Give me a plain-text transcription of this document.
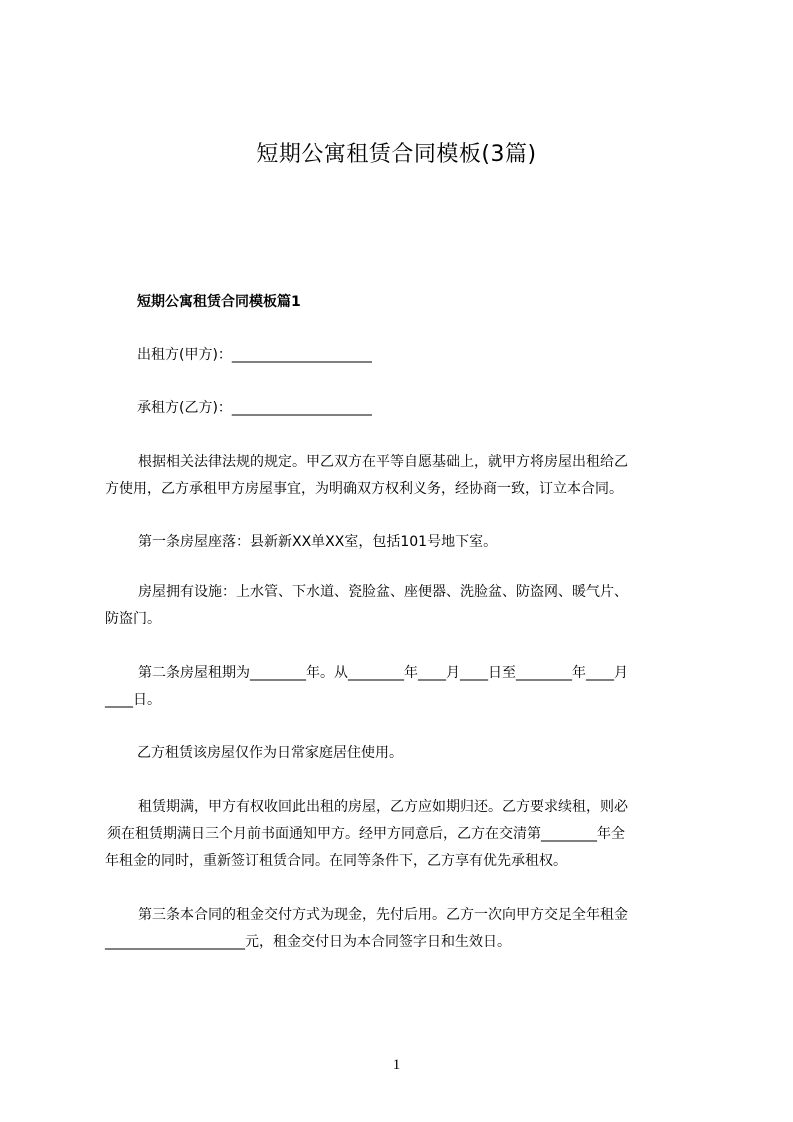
短期公寓租赁合同模板(3篇)
短期公寓租赁合同模板篇1
出租方(甲方)：____________________
承租方(乙方)：____________________
根据相关法律法规的规定。甲乙双方在平等自愿基础上，就甲方将房屋出租给乙
方使用，乙方承租甲方房屋事宜，为明确双方权利义务，经协商一致，订立本合同。
第一条房屋座落：县新新XX单XX室，包括101号地下室。
房屋拥有设施：上水管、下水道、瓷脸盆、座便器、洗脸盆、防盗网、暖气片、
防盗门。
第二条房屋租期为________年。从________年____月____日至________年____月
____日。
乙方租赁该房屋仅作为日常家庭居住使用。
租赁期满，甲方有权收回此出租的房屋，乙方应如期归还。乙方要求续租，则必
须在租赁期满日三个月前书面通知甲方。经甲方同意后，乙方在交清第________年全
年租金的同时，重新签订租赁合同。在同等条件下，乙方享有优先承租权。
第三条本合同的租金交付方式为现金，先付后用。乙方一次向甲方交足全年租金
____________________元，租金交付日为本合同签字日和生效日。
1
